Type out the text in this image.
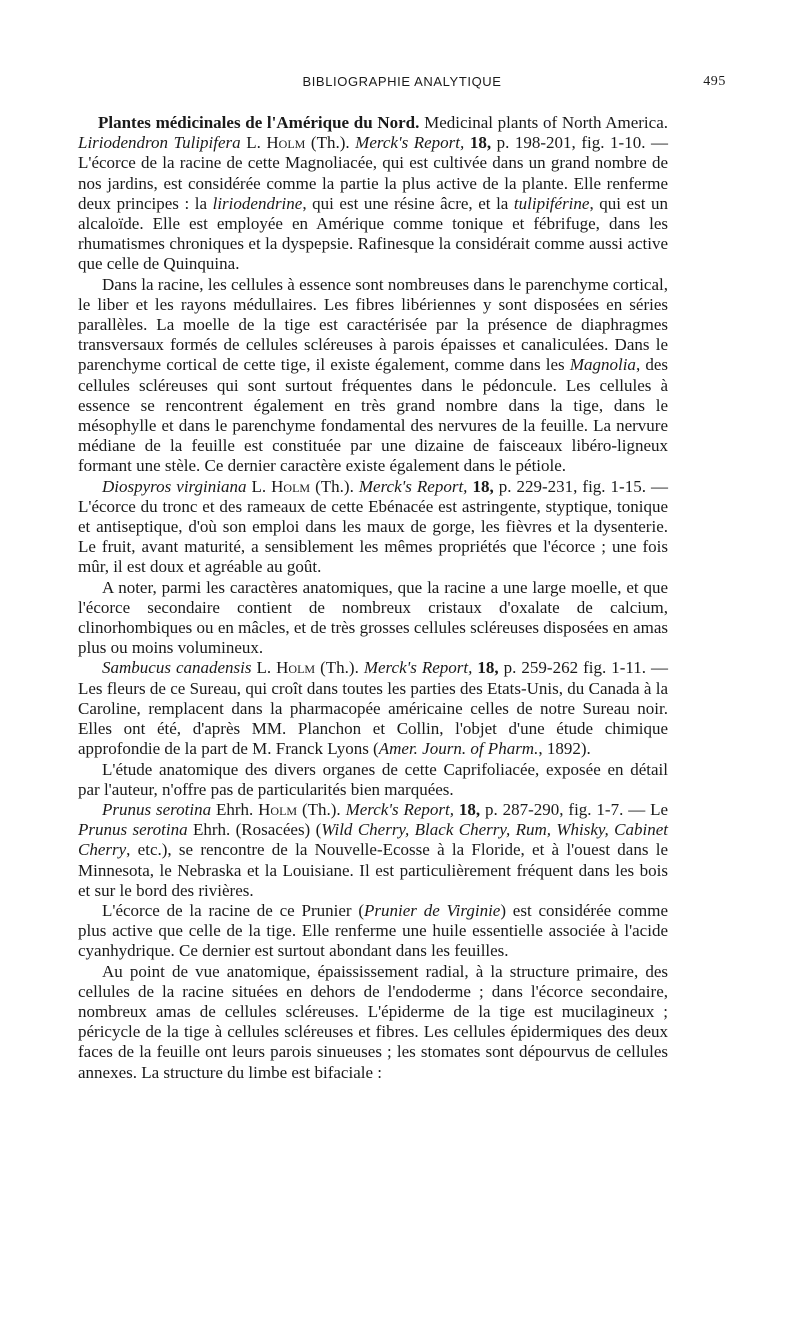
BIBLIOGRAPHIE ANALYTIQUE	495

Plantes médicinales de l'Amérique du Nord. Medicinal plants of North America. Liriodendron Tulipifera L. Holm (Th.). Merck's Report, 18, p. 198-201, fig. 1-10. — L'écorce de la racine de cette Magnoliacée, qui est cultivée dans un grand nombre de nos jardins, est considérée comme la partie la plus active de la plante. Elle renferme deux principes : la liriodendrine, qui est une résine âcre, et la tulipiférine, qui est un alcaloïde. Elle est employée en Amérique comme tonique et fébrifuge, dans les rhumatismes chroniques et la dyspepsie. Rafinesque la considérait comme aussi active que celle de Quinquina.

Dans la racine, les cellules à essence sont nombreuses dans le parenchyme cortical, le liber et les rayons médullaires. Les fibres libériennes y sont disposées en séries parallèles. La moelle de la tige est caractérisée par la présence de diaphragmes transversaux formés de cellules scléreuses à parois épaisses et canaliculées. Dans le parenchyme cortical de cette tige, il existe également, comme dans les Magnolia, des cellules scléreuses qui sont surtout fréquentes dans le pédoncule. Les cellules à essence se rencontrent également en très grand nombre dans la tige, dans le mésophylle et dans le parenchyme fondamental des nervures de la feuille. La nervure médiane de la feuille est constituée par une dizaine de faisceaux libéro-ligneux formant une stèle. Ce dernier caractère existe également dans le pétiole.

Diospyros virginiana L. Holm (Th.). Merck's Report, 18, p. 229-231, fig. 1-15. — L'écorce du tronc et des rameaux de cette Ebénacée est astringente, styptique, tonique et antiseptique, d'où son emploi dans les maux de gorge, les fièvres et la dysenterie. Le fruit, avant maturité, a sensiblement les mêmes propriétés que l'écorce ; une fois mûr, il est doux et agréable au goût.

A noter, parmi les caractères anatomiques, que la racine a une large moelle, et que l'écorce secondaire contient de nombreux cristaux d'oxalate de calcium, clinorhombiques ou en mâcles, et de très grosses cellules scléreuses disposées en amas plus ou moins volumineux.

Sambucus canadensis L. Holm (Th.). Merck's Report, 18, p. 259-262 fig. 1-11. — Les fleurs de ce Sureau, qui croît dans toutes les parties des Etats-Unis, du Canada à la Caroline, remplacent dans la pharmacopée américaine celles de notre Sureau noir. Elles ont été, d'après MM. Planchon et Collin, l'objet d'une étude chimique approfondie de la part de M. Franck Lyons (Amer. Journ. of Pharm., 1892).

L'étude anatomique des divers organes de cette Caprifoliacée, exposée en détail par l'auteur, n'offre pas de particularités bien marquées.

Prunus serotina Ehrh. Holm (Th.). Merck's Report, 18, p. 287-290, fig. 1-7. — Le Prunus serotina Ehrh. (Rosacées) (Wild Cherry, Black Cherry, Rum, Whisky, Cabinet Cherry, etc.), se rencontre de la Nouvelle-Ecosse à la Floride, et à l'ouest dans le Minnesota, le Nebraska et la Louisiane. Il est particulièrement fréquent dans les bois et sur le bord des rivières.

L'écorce de la racine de ce Prunier (Prunier de Virginie) est considérée comme plus active que celle de la tige. Elle renferme une huile essentielle associée à l'acide cyanhydrique. Ce dernier est surtout abondant dans les feuilles.

Au point de vue anatomique, épaississement radial, à la structure primaire, des cellules de la racine situées en dehors de l'endoderme ; dans l'écorce secondaire, nombreux amas de cellules scléreuses. L'épiderme de la tige est mucilagineux ; péricycle de la tige à cellules scléreuses et fibres. Les cellules épidermiques des deux faces de la feuille ont leurs parois sinueuses ; les stomates sont dépourvus de cellules annexes. La structure du limbe est bifaciale :
